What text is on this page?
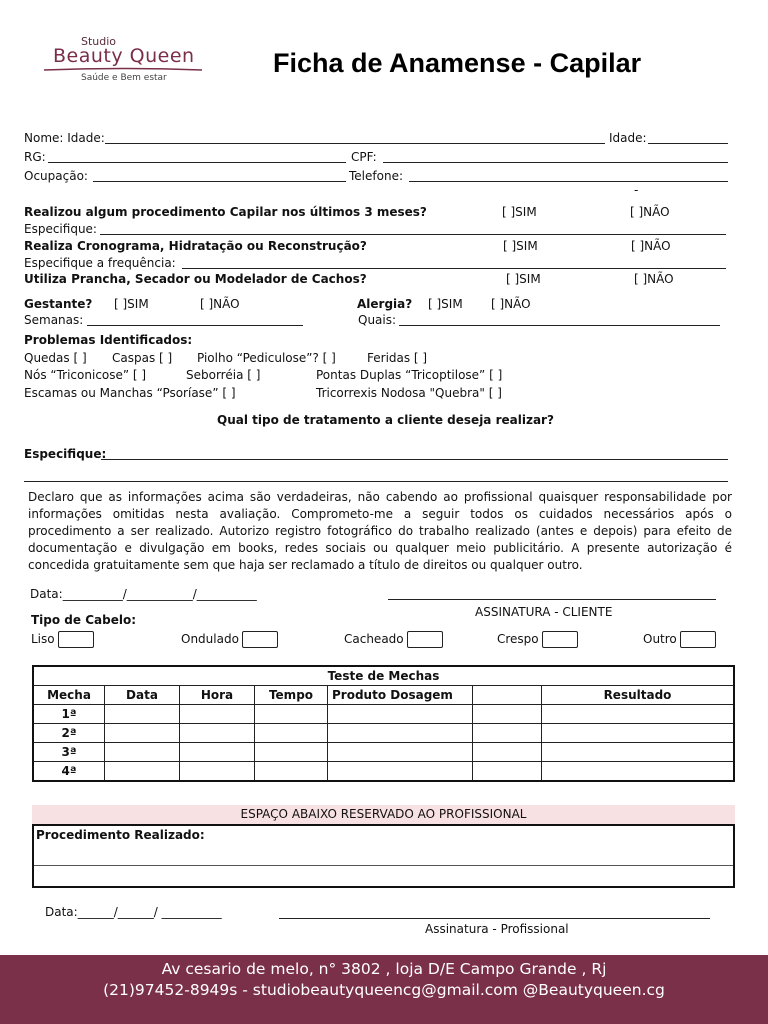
Studio
Beauty Queen
Saúde e Bem estar	Ficha de Anamense - Capilar
Nome: Idade:	Idade:
RG:	CPF:
Ocupação:	Telefone:
-
Realizou algum procedimento Capilar nos últimos 3 meses?	[ ]SIM	[ ]NÃO
Especifique:
Realiza Cronograma, Hidratação ou Reconstrução?	[ ]SIM	[ ]NÃO
Especifique a frequência:
Utiliza Prancha, Secador ou Modelador de Cachos?	[ ]SIM	[ ]NÃO
Gestante? [ ]SIM	[ ]NÃO	Alergia? [ ]SIM [ ]NÃO
Semanas:	Quais:
Problemas Identificados:
Quedas [ ] Caspas [ ] Piolho “Pediculose”? [ ]	Feridas [ ]
Nós “Triconicose” [ ]	Seborréia [ ]	Pontas Duplas “Tricoptilose” [ ]
Escamas ou Manchas “Psoríase” [ ]	Tricorrexis Nodosa "Quebra" [ ]
Qual tipo de tratamento a cliente deseja realizar?
Especifique:
Declaro que as informações acima são verdadeiras, não cabendo ao profissional quaisquer responsabilidade por informações omitidas nesta avaliação. Comprometo-me a seguir todos os cuidados necessários após o procedimento a ser realizado. Autorizo registro fotográfico do trabalho realizado (antes e depois) para efeito de documentação e divulgação em books, redes sociais ou qualquer meio publicitário. A presente autorização é concedida gratuitamente sem que haja ser reclamado a título de direitos ou qualquer outro.
Data:__________/___________/__________
ASSINATURA - CLIENTE
Tipo de Cabelo:
Liso	Ondulado	Cacheado	Crespo	Outro
Teste de Mechas						
Mecha	Data	Hora	Tempo	Produto Dosagem		Resultado
1ª						
2ª						
3ª						
4ª						
ESPAÇO ABAIXO RESERVADO AO PROFISSIONAL
Procedimento Realizado:
Data:______/______/ __________
Assinatura - Profissional
Av cesario de melo, n° 3802 , loja D/E Campo Grande , Rj
(21)97452-8949s - studiobeautyqueencg@gmail.com @Beautyqueen.cg
